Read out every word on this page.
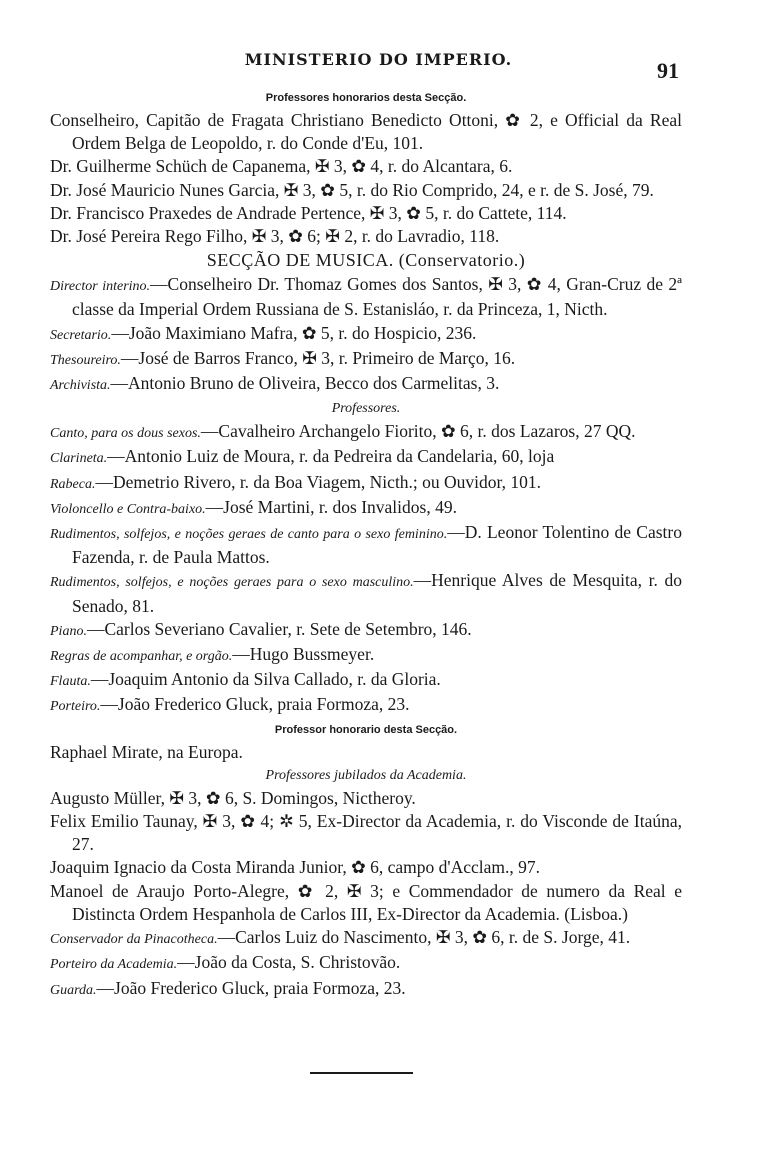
MINISTERIO DO IMPERIO.	91
Professores honorarios desta Secção.

Conselheiro, Capitão de Fragata Christiano Benedicto Ottoni, ✿ 2, e Official da Real Ordem Belga de Leopoldo, r. do Conde d'Eu, 101.

Dr. Guilherme Schüch de Capanema, ✠ 3, ✿ 4, r. do Alcantara, 6.

Dr. José Mauricio Nunes Garcia, ✠ 3, ✿ 5, r. do Rio Comprido, 24, e r. de S. José, 79.

Dr. Francisco Praxedes de Andrade Pertence, ✠ 3, ✿ 5, r. do Cattete, 114.

Dr. José Pereira Rego Filho, ✠ 3, ✿ 6; ✠ 2, r. do Lavradio, 118.

SECÇÃO DE MUSICA. (Conservatorio.)

Director interino. — Conselheiro Dr. Thomaz Gomes dos Santos, ✠ 3, ✿ 4, Gran-Cruz de 2ª classe da Imperial Ordem Russiana de S. Estanisláo, r. da Princeza, 1, Nicth.

Secretario. — João Maximiano Mafra, ✿ 5, r. do Hospicio, 236.

Thesoureiro. — José de Barros Franco, ✠ 3, r. Primeiro de Março, 16.

Archivista. — Antonio Bruno de Oliveira, Becco dos Carmelitas, 3.

Professores.

Canto, para os dous sexos. — Cavalheiro Archangelo Fiorito, ✿ 6, r. dos Lazaros, 27 QQ.

Clarineta. — Antonio Luiz de Moura, r. da Pedreira da Candelaria, 60, loja

Rabeca. — Demetrio Rivero, r. da Boa Viagem, Nicth.; ou Ouvidor, 101.

Violoncello e Contra-baixo. — José Martini, r. dos Invalidos, 49.

Rudimentos, solfejos, e noções geraes de canto para o sexo feminino. — D. Leonor Tolentino de Castro Fazenda, r. de Paula Mattos.

Rudimentos, solfejos, e noções geraes para o sexo masculino. — Henrique Alves de Mesquita, r. do Senado, 81.

Piano. — Carlos Severiano Cavalier, r. Sete de Setembro, 146.

Regras de acompanhar, e orgão. — Hugo Bussmeyer.

Flauta. — Joaquim Antonio da Silva Callado, r. da Gloria.

Porteiro. — João Frederico Gluck, praia Formoza, 23.

Professor honorario desta Secção.

Raphael Mirate, na Europa.

Professores jubilados da Academia.

Augusto Müller, ✠ 3, ✿ 6, S. Domingos, Nictheroy.

Felix Emilio Taunay, ✠ 3, ✿ 4; ✲ 5, Ex-Director da Academia, r. do Visconde de Itaúna, 27.

Joaquim Ignacio da Costa Miranda Junior, ✿ 6, campo d'Acclam., 97.

Manoel de Araujo Porto-Alegre, ✿ 2, ✠ 3; e Commendador de numero da Real e Distincta Ordem Hespanhola de Carlos III, Ex-Director da Academia. (Lisboa.)

Conservador da Pinacotheca. — Carlos Luiz do Nascimento, ✠ 3, ✿ 6, r. de S. Jorge, 41.

Porteiro da Academia. — João da Costa, S. Christovão.

Guarda. — João Frederico Gluck, praia Formoza, 23.
